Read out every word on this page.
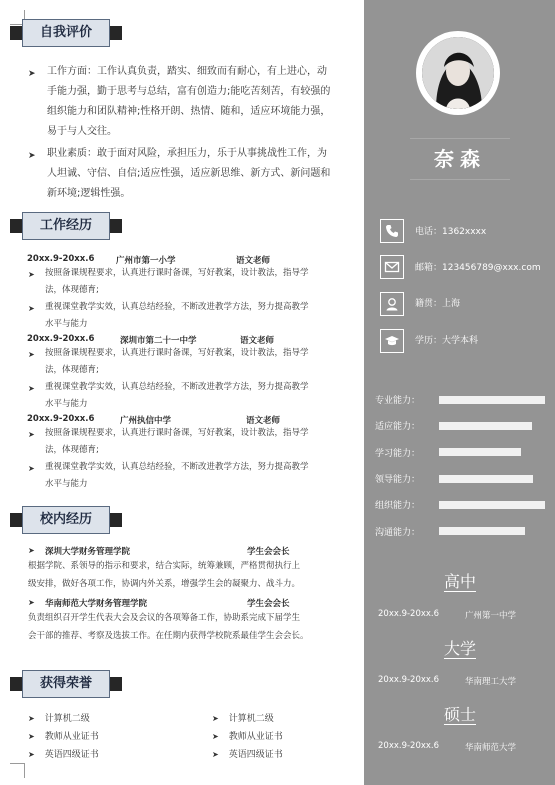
自我评价
➤ 工作方面：工作认真负责，踏实、细致而有耐心，有上进心，动
手能力强，勤于思考与总结，富有创造力;能吃苦刻苦，有较强的
组织能力和团队精神;性格开朗、热情、随和，适应环境能力强，
易于与人交往。
➤ 职业素质：敢于面对风险，承担压力，乐于从事挑战性工作，为
人坦诚、守信、自信;适应性强，适应新思维、新方式、新问题和
新环境;逻辑性强。
工作经历
20xx.9-20xx.6	广州市第一小学	语文老师
➤ 按照备课规程要求，认真进行课时备课，写好教案，设计教法，指导学
法，体现德育;
➤ 重视课堂教学实效，认真总结经验，不断改进教学方法，努力提高教学
水平与能力
20xx.9-20xx.6	深圳市第二十一中学	语文老师
➤ 按照备课规程要求，认真进行课时备课，写好教案，设计教法，指导学
法，体现德育;
➤ 重视课堂教学实效，认真总结经验，不断改进教学方法，努力提高教学
水平与能力
20xx.9-20xx.6	广州执信中学	语文老师
➤ 按照备课规程要求，认真进行课时备课，写好教案，设计教法，指导学
法，体现德育;
➤ 重视课堂教学实效，认真总结经验，不断改进教学方法，努力提高教学
水平与能力
校内经历
➤ 深圳大学财务管理学院	学生会会长
根据学院、系领导的指示和要求，结合实际，统筹兼顾，严格贯彻执行上
级安排，做好各项工作，协调内外关系，增强学生会的凝聚力、战斗力。
➤ 华南师范大学财务管理学院	学生会会长
负责组织召开学生代表大会及会议的各项筹备工作，协助系完成下届学生
会干部的推荐、考察及选拔工作。在任期内获得学校院系最佳学生会会长。
获得荣誉
➤ 计算机二级
➤ 教师从业证书
➤ 英语四级证书
➤ 计算机二级
➤ 教师从业证书
➤ 英语四级证书
奈森
电话：1362xxxx
邮箱：123456789@xxx.com
籍贯：上海
学历：大学本科
专业能力：
适应能力：
学习能力：
领导能力：
组织能力：
沟通能力：
高中
20xx.9-20xx.6	广州第一中学
大学
20xx.9-20xx.6	华南理工大学
硕士
20xx.9-20xx.6	华南师范大学
